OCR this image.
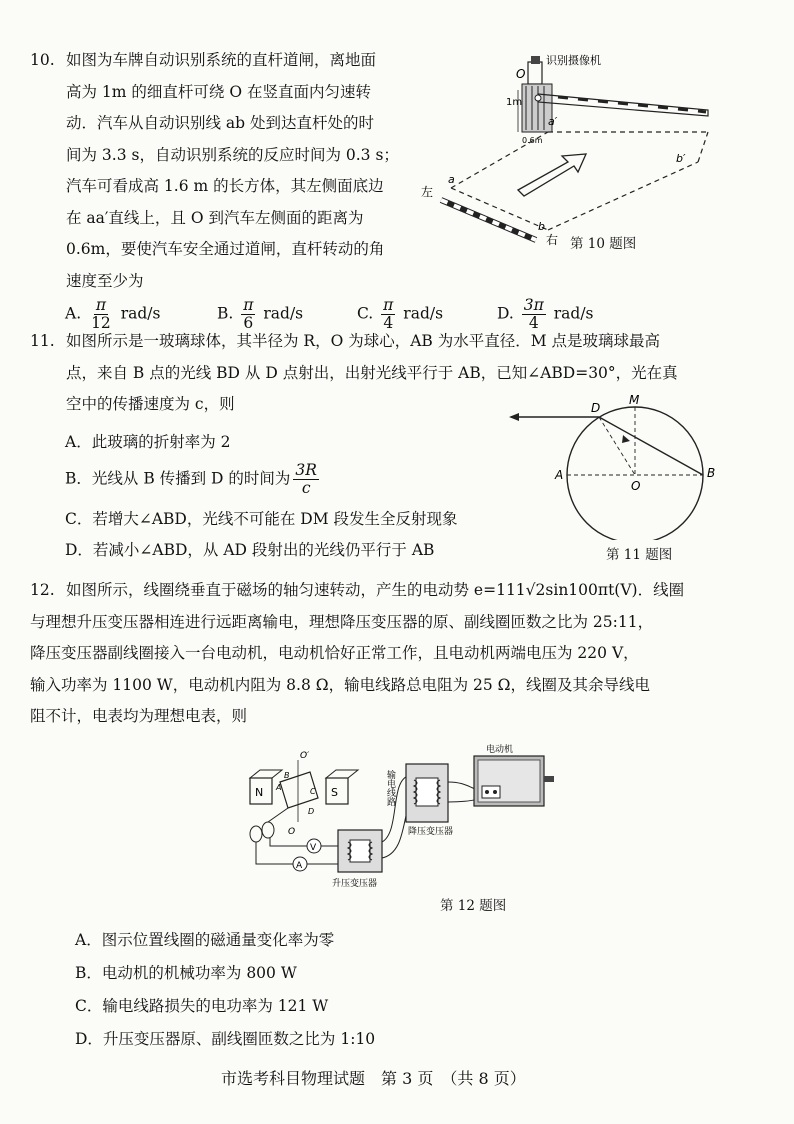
10. 如图为车牌自动识别系统的直杆道闸，离地面
高为 1m 的细直杆可绕 O 在竖直面内匀速转
动．汽车从自动识别线 ab 处到达直杆处的时
间为 3.3 s，自动识别系统的反应时间为 0.3 s；
汽车可看成高 1.6 m 的长方体，其左侧面底边
在 aa′直线上，且 O 到汽车左侧面的距离为
0.6m，要使汽车安全通过道闸，直杆转动的角
速度至少为
识别摄像机
O
1m
0.6m
a′
b′
a
b
左
右 第 10 题图
A. $\frac{\pi}{12} rad/s$	B. $\frac{\pi}{6} rad/s$	C. $\frac{\pi}{4} rad/s$	D. $\frac{3\pi}{4} rad/s$
11. 如图所示是一玻璃球体，其半径为 R，O 为球心，AB 为水平直径．M 点是玻璃球最高
点，来自 B 点的光线 BD 从 D 点射出，出射光线平行于 AB，已知∠ABD=30°，光在真
空中的传播速度为 c，则
A．此玻璃的折射率为 2
B．光线从 B 传播到 D 的时间为 $\frac{3R}{c}$
C．若增大∠ABD，光线不可能在 DM 段发生全反射现象
D．若减小∠ABD，从 AD 段射出的光线仍平行于 AB
D
M
A	B
O
第 11 题图
12. 如图所示，线圈绕垂直于磁场的轴匀速转动，产生的电动势 e=111√2sin100πt(V)．线圈
与理想升压变压器相连进行远距离输电，理想降压变压器的原、副线圈匝数之比为 25:11，
降压变压器副线圈接入一台电动机，电动机恰好正常工作，且电动机两端电压为 220 V，
输入功率为 1100 W，电动机内阻为 8.8 Ω，输电线路总电阻为 25 Ω，线圈及其余导线电
阻不计，电表均为理想电表，则
N	S
O′
O
A
B
C
D
A
V
升压变压器
输电线路
降压变压器
电动机
第 12 题图
A．图示位置线圈的磁通量变化率为零
B．电动机的机械功率为 800 W
C．输电线路损失的电功率为 121 W
D．升压变压器原、副线圈匝数之比为 1:10
市选考科目物理试题　第 3 页　（共 8 页）
